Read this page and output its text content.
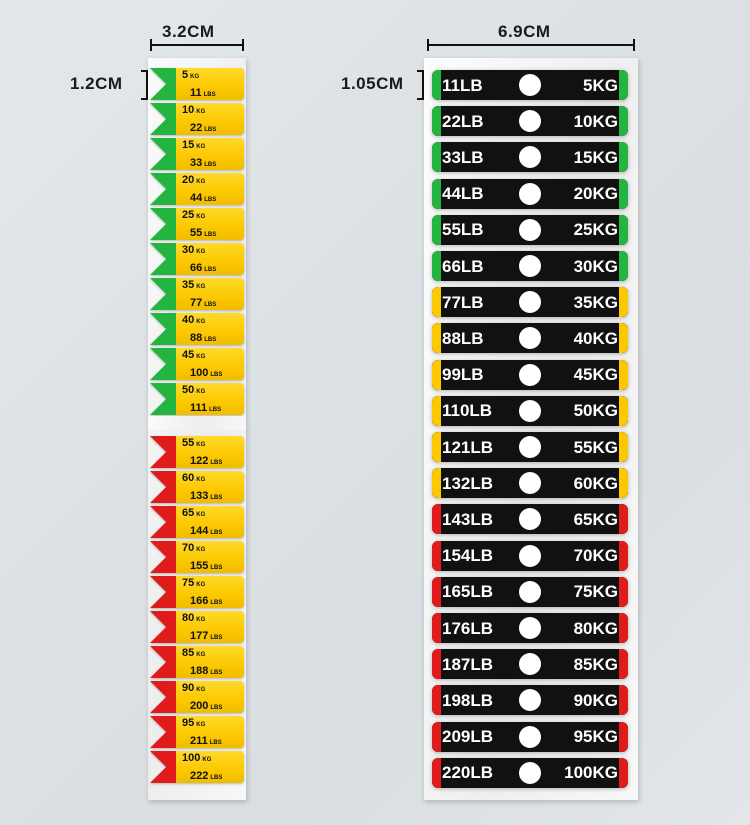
3.2CM
1.2CM
6.9CM
1.05CM
5 KG
11 LBS
10 KG
22 LBS
15 KG
33 LBS
20 KG
44 LBS
25 KG
55 LBS
30 KG
66 LBS
35 KG
77 LBS
40 KG
88 LBS
45 KG
100 LBS
50 KG
111 LBS
55 KG
122 LBS
60 KG
133 LBS
65 KG
144 LBS
70 KG
155 LBS
75 KG
166 LBS
80 KG
177 LBS
85 KG
188 LBS
90 KG
200 LBS
95 KG
211 LBS
100 KG
222 LBS
11LB	5KG
22LB	10KG
33LB	15KG
44LB	20KG
55LB	25KG
66LB	30KG
77LB	35KG
88LB	40KG
99LB	45KG
110LB	50KG
121LB	55KG
132LB	60KG
143LB	65KG
154LB	70KG
165LB	75KG
176LB	80KG
187LB	85KG
198LB	90KG
209LB	95KG
220LB	100KG
